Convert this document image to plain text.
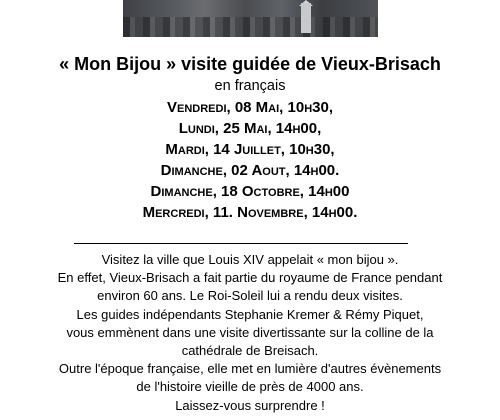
« Mon Bijou » visite guidée de Vieux-Brisach
en français
Vendredi, 08 Mai, 10h30,
Lundi, 25 Mai, 14h00,
Mardi, 14 Juillet, 10h30,
Dimanche, 02 Aout, 14h00.
Dimanche, 18 Octobre, 14h00
Mercredi, 11. Novembre, 14h00.
Visitez la ville que Louis XIV appelait « mon bijou ».
En effet, Vieux-Brisach a fait partie du royaume de France pendant
environ 60 ans. Le Roi-Soleil lui a rendu deux visites.
Les guides indépendants Stephanie Kremer & Rémy Piquet,
vous emmènent dans une visite divertissante sur la colline de la
cathédrale de Breisach.
Outre l'époque française, elle met en lumière d'autres évènements
de l'histoire vieille de près de 4000 ans.
Laissez-vous surprendre !
